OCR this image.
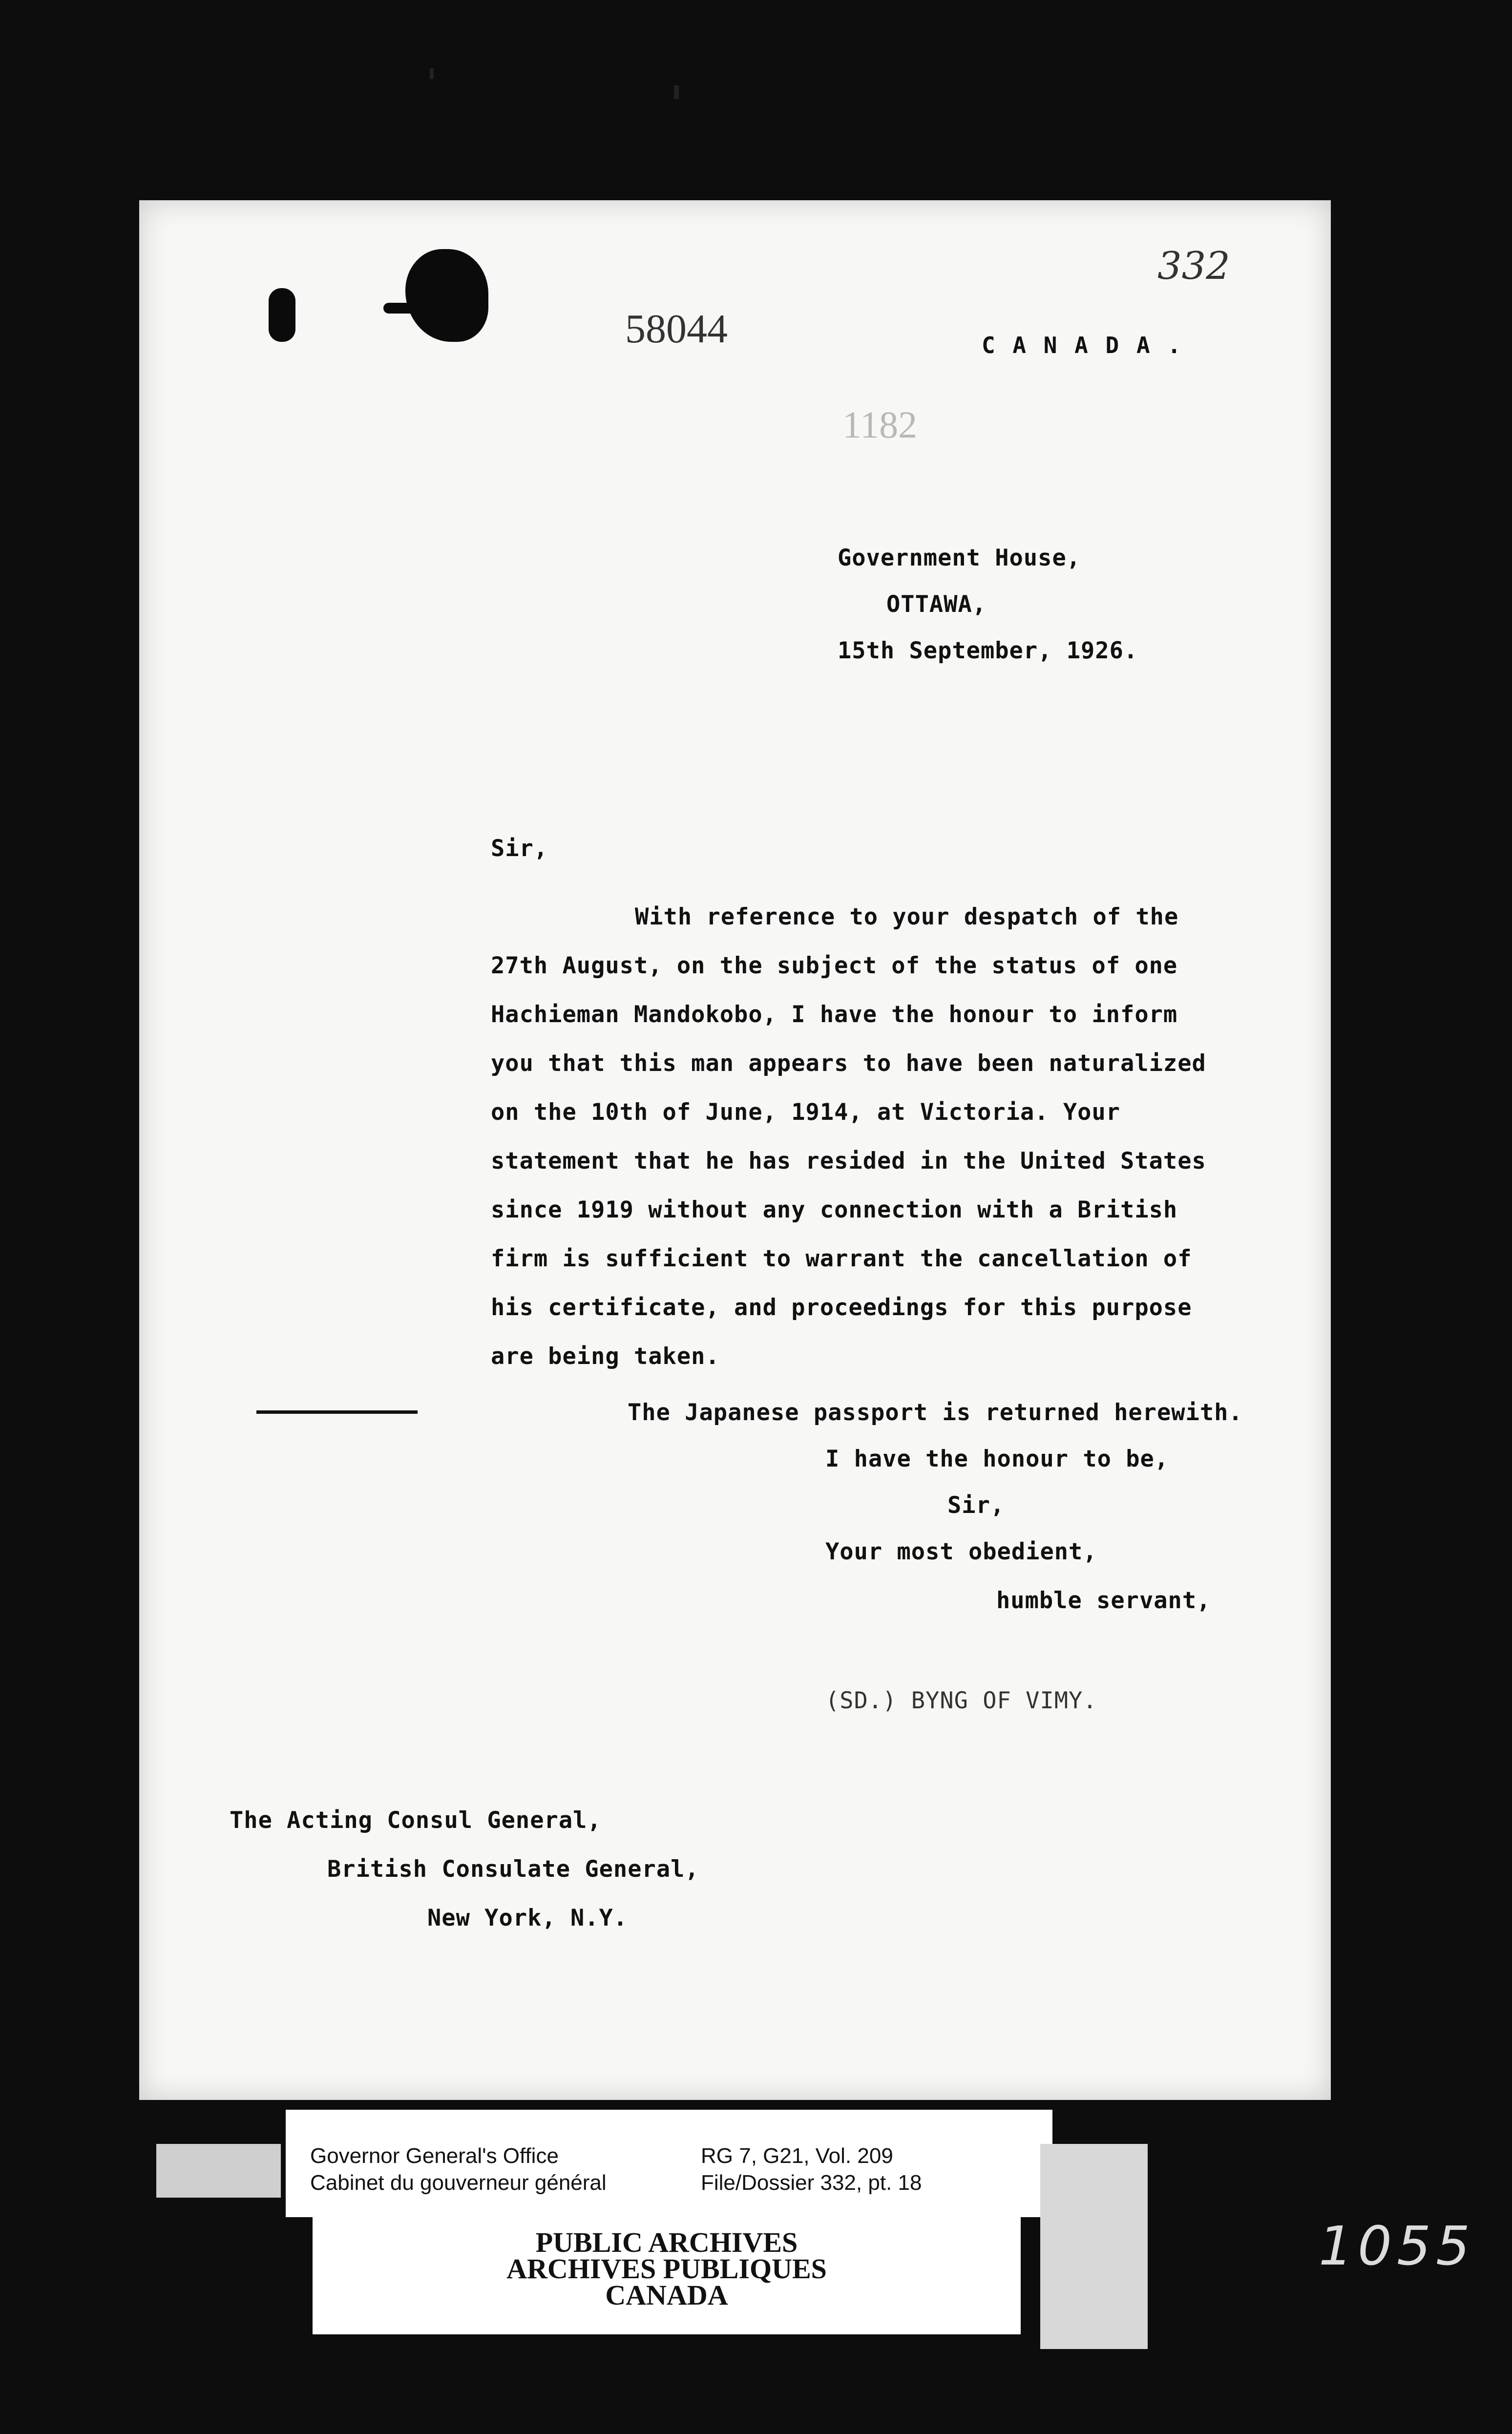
58044
1182
332
C A N A D A .
Government House,
OTTAWA,
15th September, 1926.
Sir,
With reference to your despatch of the
27th August, on the subject of the status of one
Hachieman Mandokobo, I have the honour to inform
you that this man appears to have been naturalized
on the 10th of June, 1914, at Victoria. Your
statement that he has resided in the United States
since 1919 without any connection with a British
firm is sufficient to warrant the cancellation of
his certificate, and proceedings for this purpose
are being taken.
The Japanese passport is returned herewith.
I have the honour to be,
Sir,
Your most obedient,
humble servant,
(SD.) BYNG OF VIMY.
The Acting Consul General,
British Consulate General,
New York, N.Y.
Governor General's Office
Cabinet du gouverneur général
RG 7, G21, Vol. 209
File/Dossier 332, pt. 18
PUBLIC ARCHIVES
ARCHIVES PUBLIQUES
CANADA
1055
